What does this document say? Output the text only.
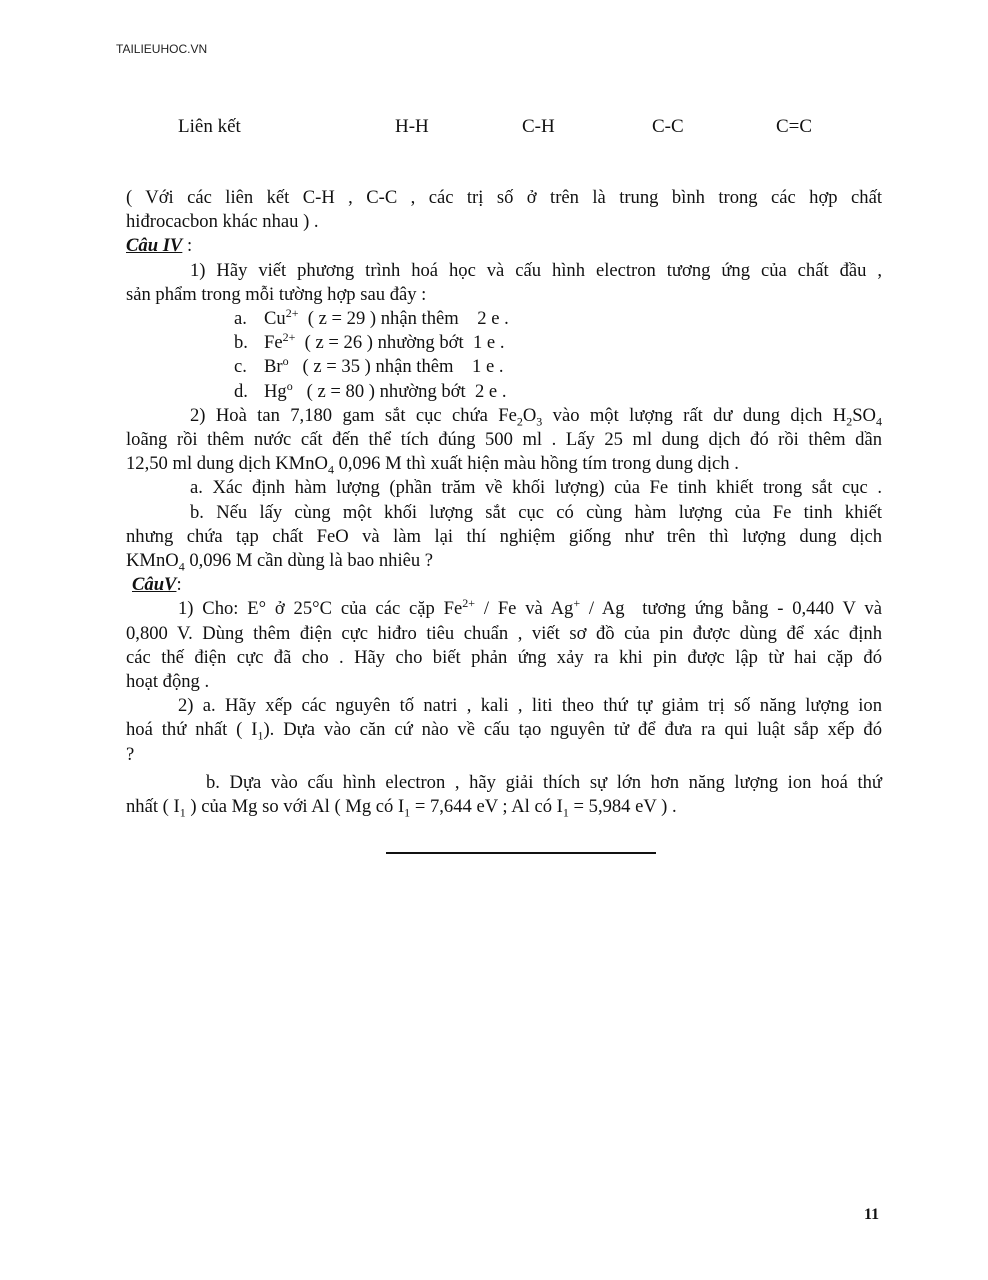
TAILIEUHOC.VN
Liên kết	H-H	C-H	C-C	C=C

( Với các liên kết C-H , C-C , các trị số ở trên là trung bình trong các hợp chất

hiđrocacbon khác nhau ) .

Câu IV :

1) Hãy viết phương trình hoá học và cấu hình electron tương ứng của chất đầu ,

sản phẩm trong mỗi tường hợp sau đây :

a. $Cu^{2+}$  ( z = 29 ) nhận thêm    2 e .

b. $Fe^{2+}$  ( z = 26 ) nhường bớt  1 e .

c. Br$^o$   ( z = 35 ) nhận thêm    1 e .

d. Hg$^o$   ( z = 80 ) nhường bớt  2 e .

2) Hoà tan 7,180 gam sắt cục chứa $Fe_2O_3$ vào một lượng rất dư dung dịch $H_2SO_4$

loãng rồi thêm nước cất đến thể tích đúng 500 ml . Lấy 25 ml dung dịch đó rồi thêm dần

12,50 ml dung dịch KMnO$_4$ 0,096 M thì xuất hiện màu hồng tím trong dung dịch .

a. Xác định hàm lượng (phần trăm về khối lượng) của Fe tinh khiết trong sắt cục .

b. Nếu lấy cùng một khối lượng sắt cục có cùng hàm lượng của Fe tinh khiết

nhưng chứa tạp chất FeO và làm lại thí nghiệm giống như trên thì lượng dung dịch

KMnO$_4$ 0,096 M cần dùng là bao nhiêu ?

CâuV:

1) Cho: E° ở 25°C của các cặp $Fe^{2+}$ / Fe và Ag+ / Ag  tương ứng bằng - 0,440 V và

0,800 V. Dùng thêm điện cực hiđro tiêu chuẩn , viết sơ đồ của pin được dùng để xác định

các thế điện cực đã cho . Hãy cho biết phản ứng xảy ra khi pin được lập từ hai cặp đó

hoạt động .

2) a. Hãy xếp các nguyên tố natri , kali , liti theo thứ tự giảm trị số năng lượng ion

hoá thứ nhất ( $I_1$). Dựa vào căn cứ nào về cấu tạo nguyên tử để đưa ra qui luật sắp xếp đó

?

b. Dựa vào cấu hình electron , hãy giải thích sự lớn hơn năng lượng ion hoá thứ

nhất ( $I_1$ ) của Mg so với Al ( Mg có $I_1 = 7,644$ eV ; Al có $I_1 = 5,984$ eV ) .

11
